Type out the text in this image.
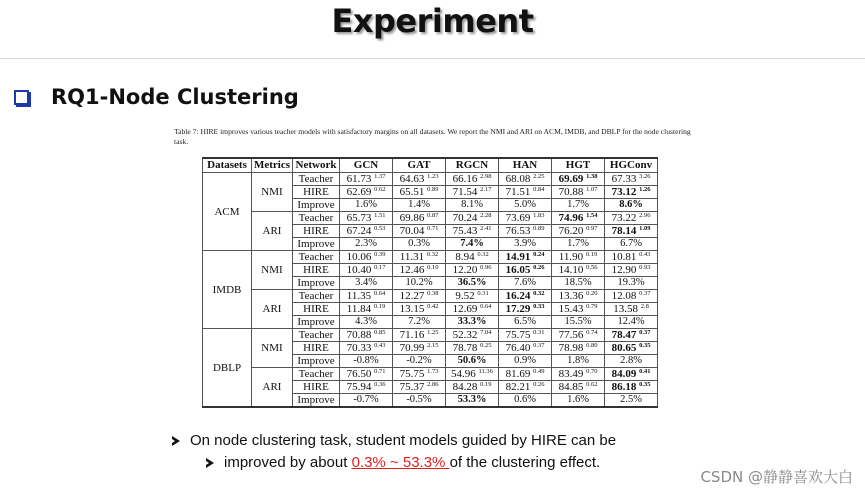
Experiment
RQ1-Node Clustering
Table 7: HIRE improves various teacher models with satisfactory margins on all datasets. We report the NMI and ARI on ACM, IMDB, and DBLP for the node clustering task.
Datasets	Metrics	Network	GCN	GAT	RGCN	HAN	HGT	HGConv
ACM	NMI	Teacher	61.73 $^{1.37}$	64.63 $^{1.23}$	66.16 $^{2.98}$	68.08 $^{2.25}$	69.69 $^{1.38}$	67.33 $^{3.26}$
		HIRE	62.69 $^{0.62}$	65.51 $^{0.89}$	71.54 $^{2.17}$	71.51 $^{0.84}$	70.88 $^{1.07}$	73.12 $^{1.26}$
		Improve	1.6%	1.4%	8.1%	5.0%	1.7%	8.6%
	ARI	Teacher	65.73 $^{1.51}$	69.86 $^{0.87}$	70.24 $^{2.28}$	73.69 $^{1.83}$	74.96 $^{1.54}$	73.22 $^{2.96}$
		HIRE	67.24 $^{0.53}$	70.04 $^{0.71}$	75.43 $^{2.41}$	76.53 $^{0.89}$	76.20 $^{0.97}$	78.14 $^{1.09}$
		Improve	2.3%	0.3%	7.4%	3.9%	1.7%	6.7%
IMDB	NMI	Teacher	10.06 $^{0.39}$	11.31 $^{0.32}$	8.94 $^{0.32}$	14.91 $^{0.24}$	11.90 $^{0.19}$	10.81 $^{0.43}$
		HIRE	10.40 $^{0.17}$	12.46 $^{0.10}$	12.20 $^{0.96}$	16.05 $^{0.26}$	14.10 $^{0.56}$	12.90 $^{0.93}$
		Improve	3.4%	10.2%	36.5%	7.6%	18.5%	19.3%
	ARI	Teacher	11.35 $^{0.64}$	12.27 $^{0.38}$	9.52 $^{0.31}$	16.24 $^{0.32}$	13.36 $^{0.20}$	12.08 $^{0.37}$
		HIRE	11.84 $^{0.19}$	13.15 $^{0.42}$	12.69 $^{0.64}$	17.29 $^{0.33}$	15.43 $^{0.79}$	13.58 $^{2.8}$
		Improve	4.3%	7.2%	33.3%	6.5%	15.5%	12.4%
DBLP	NMI	Teacher	70.88 $^{0.85}$	71.16 $^{1.25}$	52.32 $^{7.04}$	75.75 $^{0.31}$	77.56 $^{0.74}$	78.47 $^{0.37}$
		HIRE	70.33 $^{0.43}$	70.99 $^{2.15}$	78.78 $^{0.25}$	76.40 $^{0.37}$	78.98 $^{0.80}$	80.65 $^{0.35}$
		Improve	-0.8%	-0.2%	50.6%	0.9%	1.8%	2.8%
	ARI	Teacher	76.50 $^{0.71}$	75.75 $^{1.73}$	54.96 $^{11.36}$	81.69 $^{0.49}$	83.49 $^{0.70}$	84.09 $^{0.41}$
		HIRE	75.94 $^{0.36}$	75.37 $^{2.86}$	84.28 $^{0.19}$	82.21 $^{0.26}$	84.85 $^{0.62}$	86.18 $^{0.35}$
		Improve	-0.7%	-0.5%	53.3%	0.6%	1.6%	2.5%
On node clustering task, student models guided by HIRE can be
improved by about 0.3% ~ 53.3% of the clustering effect.
CSDN @静静喜欢大白
